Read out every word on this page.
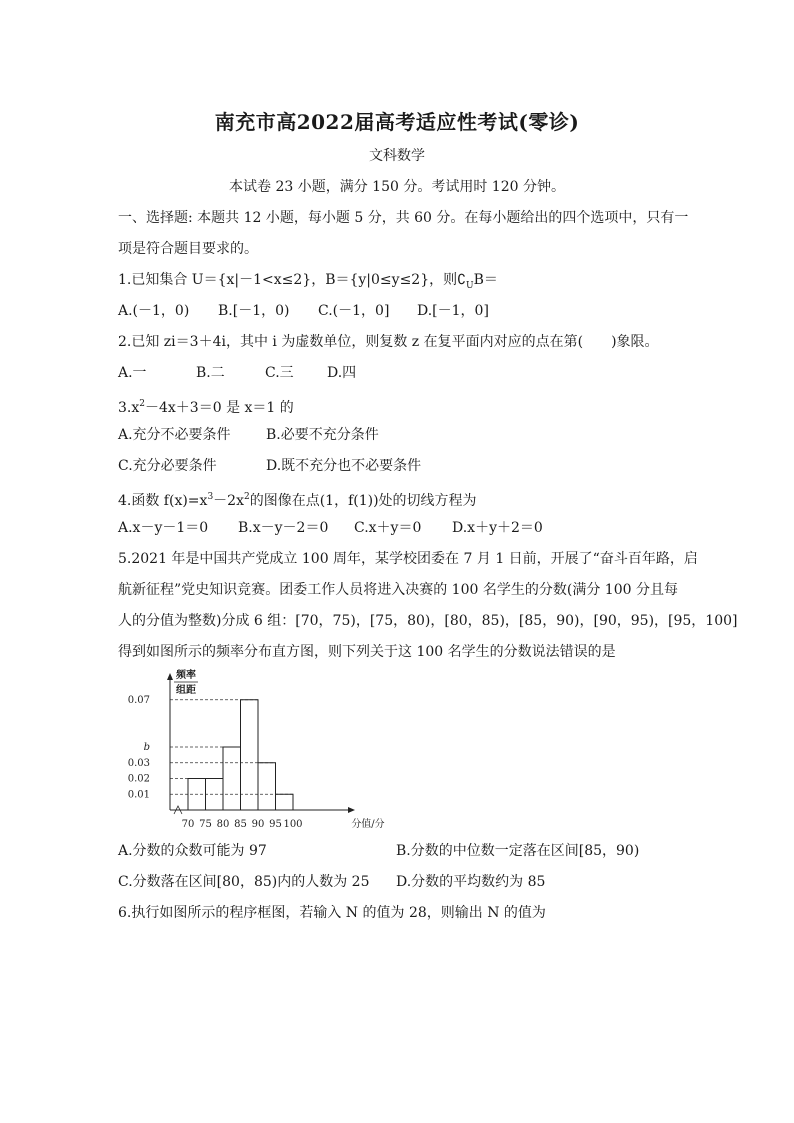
南充市高2022届高考适应性考试(零诊)
文科数学
本试卷 23 小题，满分 150 分。考试用时 120 分钟。
一、选择题: 本题共 12 小题，每小题 5 分，共 60 分。在每小题给出的四个选项中，只有一
项是符合题目要求的。
1.已知集合 U＝{x|－1<x≤2}，B＝{y|0≤y≤2}，则$∁_UB=$
A.(－1，0) B.[－1，0) C.(－1，0] D.[－1，0]
2.已知 zi＝3＋4i，其中 i 为虚数单位，则复数 z 在复平面内对应的点在第(　　)象限。
A.一	B.二	C.三 D.四
$3.x^2-4x+3=0$ 是 x＝1 的
A.充分不必要条件	B.必要不充分条件
C.充分必要条件	D.既不充分也不必要条件
4.函数 $f(x)=x^3-2x^2$的图像在点(1，f(1))处的切线方程为
A.x－y－1＝0 B.x－y－2＝0 C.x＋y＝0 D.x＋y＋2＝0
5.2021 年是中国共产党成立 100 周年，某学校团委在 7 月 1 日前，开展了“奋斗百年路，启
航新征程”党史知识竞赛。团委工作人员将进入决赛的 100 名学生的分数(满分 100 分且每
人的分值为整数)分成 6 组：[70，75)，[75，80)，[80，85)，[85，90)，[90，95)，[95，100]
得到如图所示的频率分布直方图，则下列关于这 100 名学生的分数说法错误的是
0.01
0.02
0.03
b
0.07
70 75 80 85 90 95 100	分值/分
频率
组距
A.分数的众数可能为 97	B.分数的中位数一定落在区间[85，90)
C.分数落在区间[80，85)内的人数为 25 D.分数的平均数约为 85
6.执行如图所示的程序框图，若输入 N 的值为 28，则输出 N 的值为
